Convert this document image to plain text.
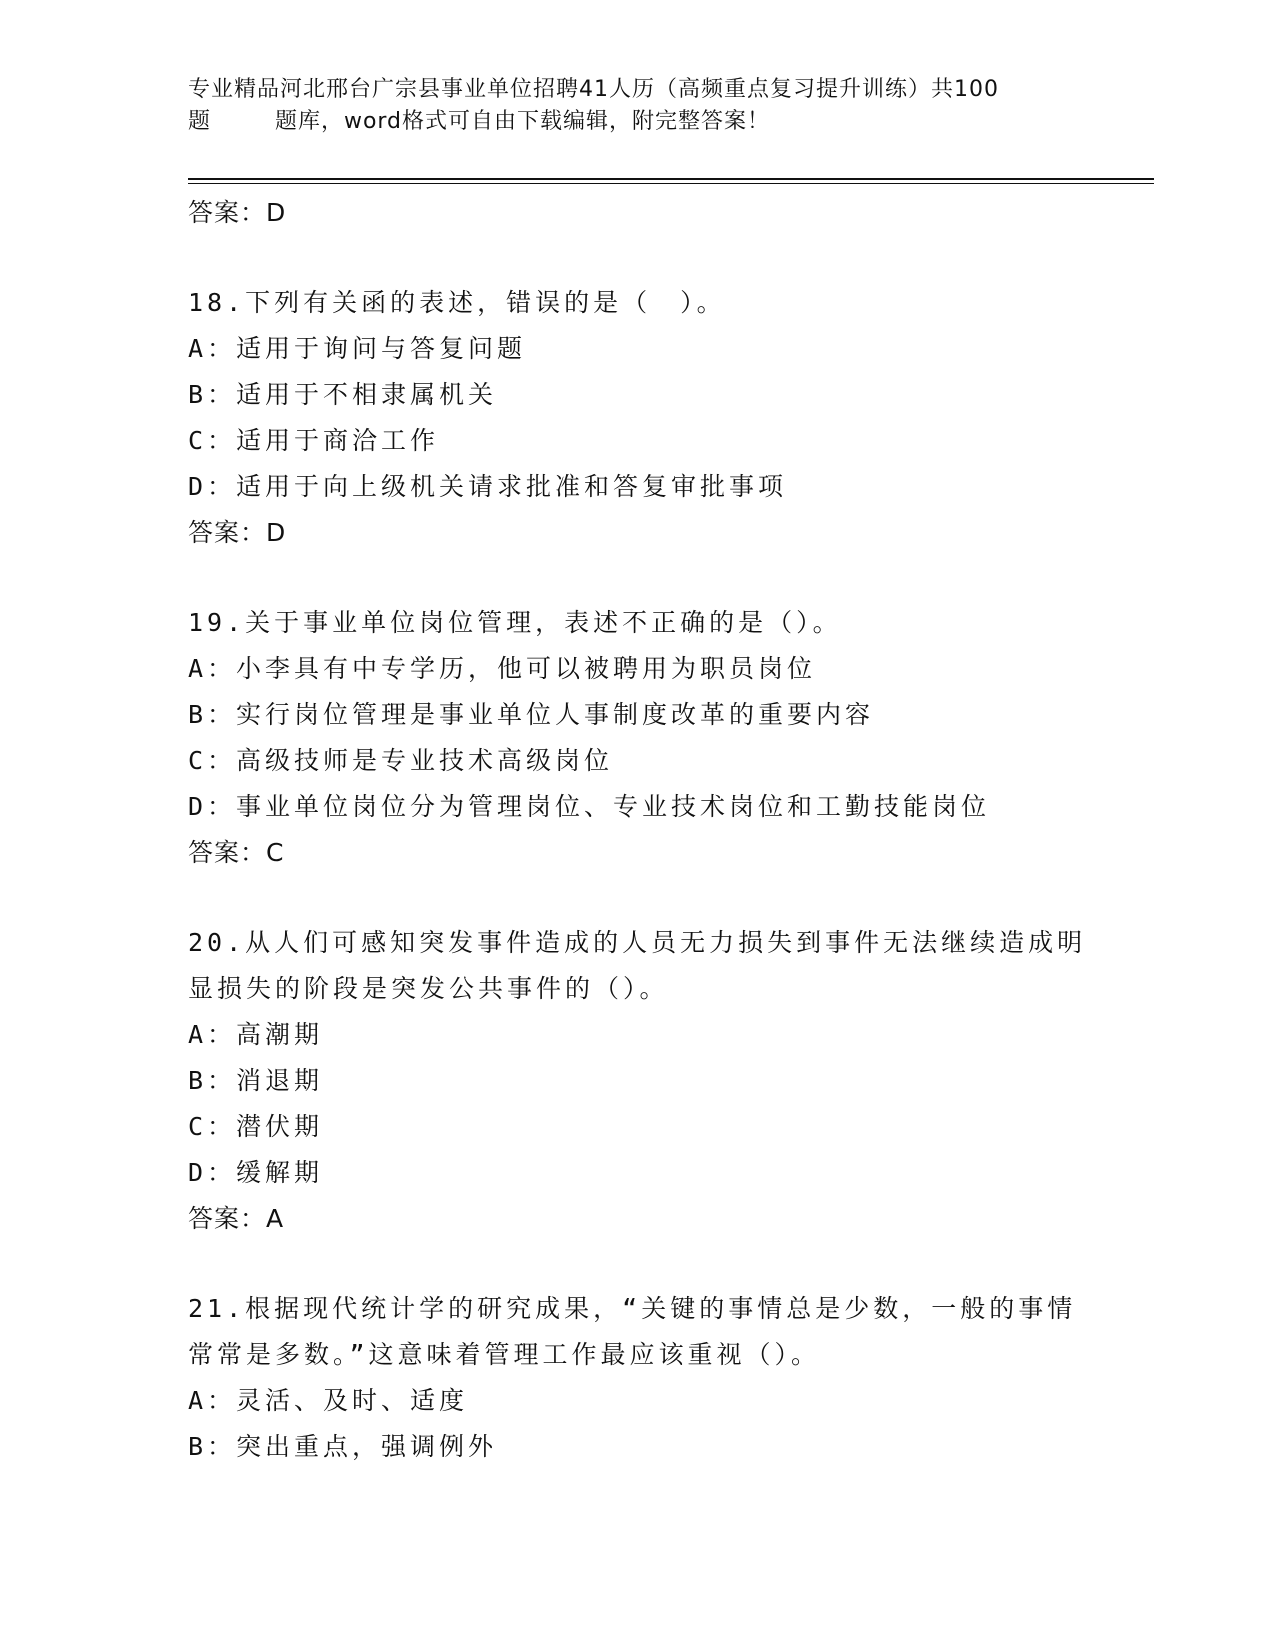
专业精品河北邢台广宗县事业单位招聘41人历（高频重点复习提升训练）共100
题        题库，word格式可自由下载编辑，附完整答案！
答案：D
18.下列有关函的表述，错误的是（　）。
A：适用于询问与答复问题
B：适用于不相隶属机关
C：适用于商洽工作
D：适用于向上级机关请求批准和答复审批事项
答案：D
19.关于事业单位岗位管理，表述不正确的是（）。
A：小李具有中专学历，他可以被聘用为职员岗位
B：实行岗位管理是事业单位人事制度改革的重要内容
C：高级技师是专业技术高级岗位
D：事业单位岗位分为管理岗位、专业技术岗位和工勤技能岗位
答案：C
20.从人们可感知突发事件造成的人员无力损失到事件无法继续造成明显损失的阶段是突发公共事件的（）。
A：高潮期
B：消退期
C：潜伏期
D：缓解期
答案：A
21.根据现代统计学的研究成果，“关键的事情总是少数，一般的事情常常是多数。”这意味着管理工作最应该重视（）。
A：灵活、及时、适度
B：突出重点，强调例外
